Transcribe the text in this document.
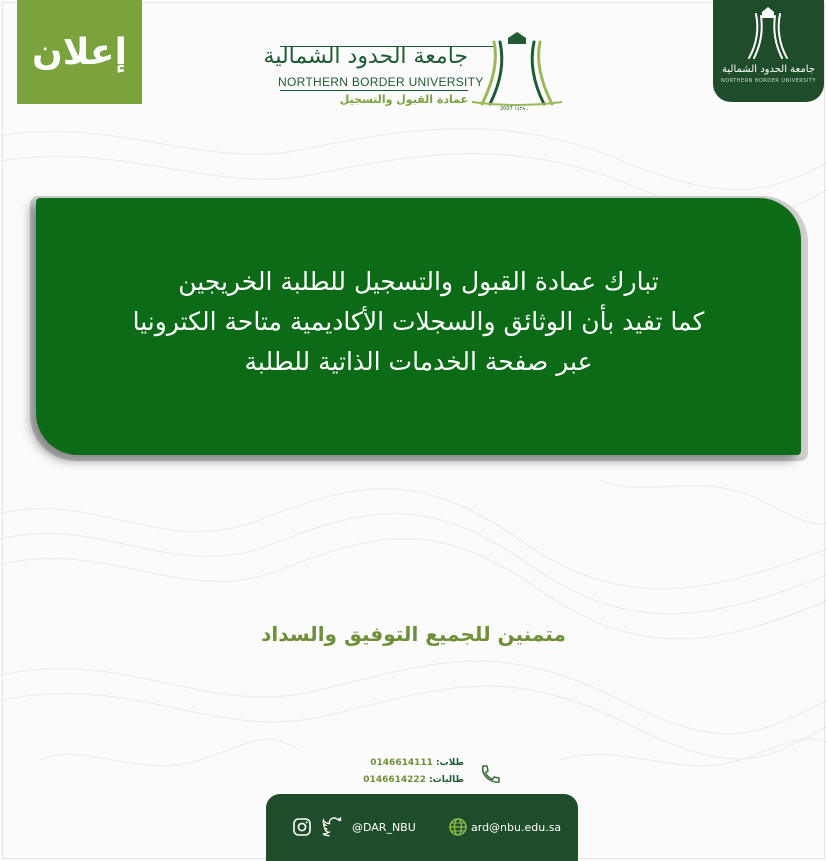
إعلان	جامعة الحدود الشمالية
NORTHERN BORDER UNIVERSITY
عمادة القبول والتسجيل
2007 ـ ١٤٢٨
جامعة الحدود الشمالية
NORTHERN BORDER UNIVERSITY
تبارك عمادة القبول والتسجيل للطلبة الخريجين
كما تفيد بأن الوثائق والسجلات الأكاديمية متاحة الكترونيا
عبر صفحة الخدمات الذاتية للطلبة
متمنين للجميع التوفيق والسداد
طلاب: 0146614111
طالبات: 0146614222
@DAR_NBU	ard@nbu.edu.sa
